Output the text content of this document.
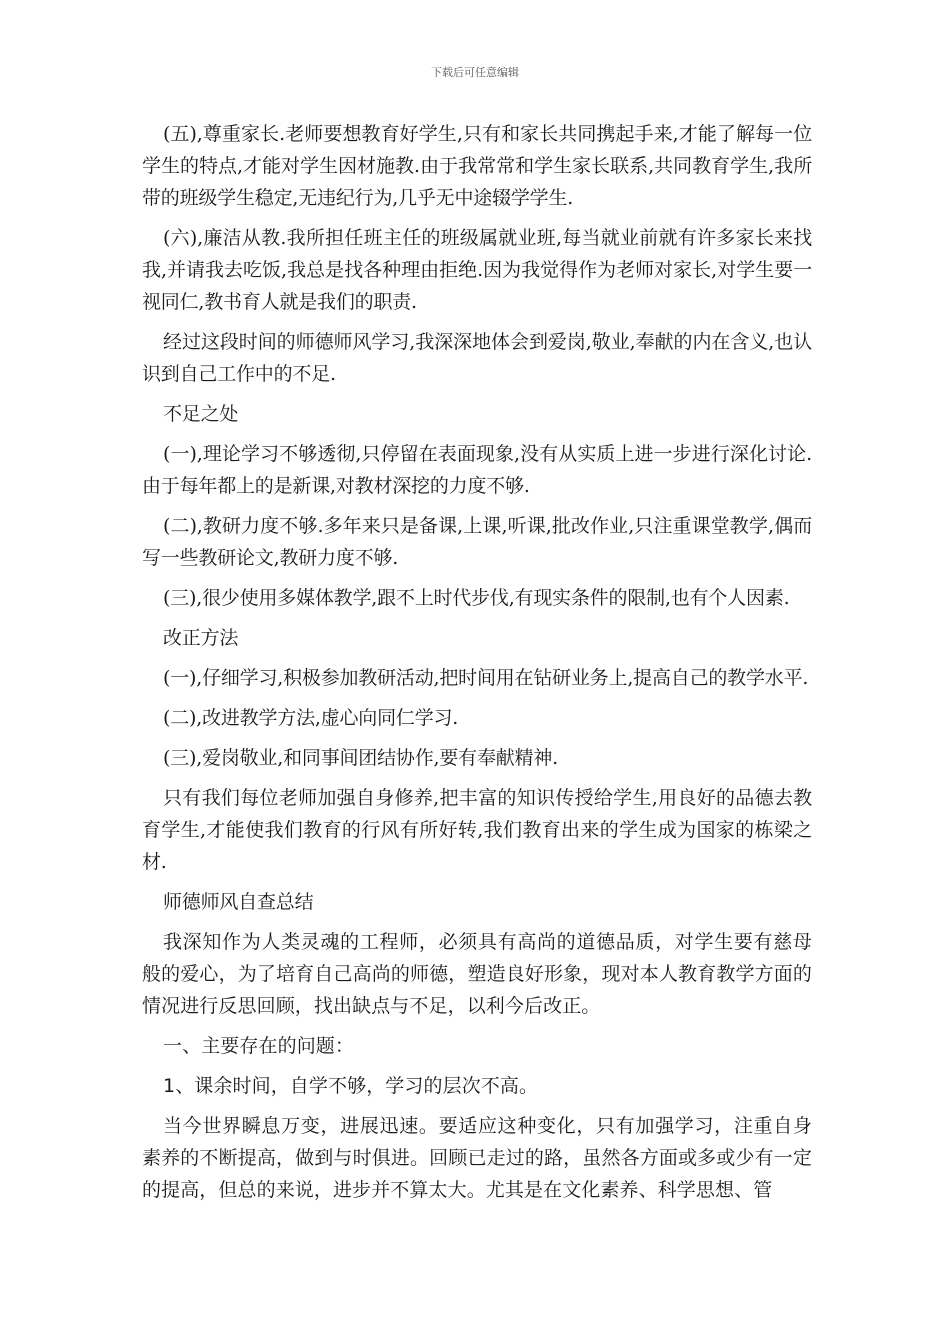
下载后可任意编辑

(五),尊重家长.老师要想教育好学生,只有和家长共同携起手来,才能了解每一位学生的特点,才能对学生因材施教.由于我常常和学生家长联系,共同教育学生,我所带的班级学生稳定,无违纪行为,几乎无中途辍学学生.

(六),廉洁从教.我所担任班主任的班级属就业班,每当就业前就有许多家长来找我,并请我去吃饭,我总是找各种理由拒绝.因为我觉得作为老师对家长,对学生要一视同仁,教书育人就是我们的职责.

经过这段时间的师德师风学习,我深深地体会到爱岗,敬业,奉献的内在含义,也认识到自己工作中的不足.

不足之处

(一),理论学习不够透彻,只停留在表面现象,没有从实质上进一步进行深化讨论.由于每年都上的是新课,对教材深挖的力度不够.

(二),教研力度不够.多年来只是备课,上课,听课,批改作业,只注重课堂教学,偶而写一些教研论文,教研力度不够.

(三),很少使用多媒体教学,跟不上时代步伐,有现实条件的限制,也有个人因素.

改正方法

(一),仔细学习,积极参加教研活动,把时间用在钻研业务上,提高自己的教学水平.

(二),改进教学方法,虚心向同仁学习.

(三),爱岗敬业,和同事间团结协作,要有奉献精神.

只有我们每位老师加强自身修养,把丰富的知识传授给学生,用良好的品德去教育学生,才能使我们教育的行风有所好转,我们教育出来的学生成为国家的栋梁之材.

师德师风自查总结

我深知作为人类灵魂的工程师，必须具有高尚的道德品质，对学生要有慈母般的爱心，为了培育自己高尚的师德，塑造良好形象，现对本人教育教学方面的情况进行反思回顾，找出缺点与不足，以利今后改正。

一、主要存在的问题：

1、课余时间，自学不够，学习的层次不高。

当今世界瞬息万变，进展迅速。要适应这种变化，只有加强学习，注重自身素养的不断提高，做到与时俱进。回顾已走过的路，虽然各方面或多或少有一定的提高，但总的来说，进步并不算太大。尤其是在文化素养、科学思想、管
